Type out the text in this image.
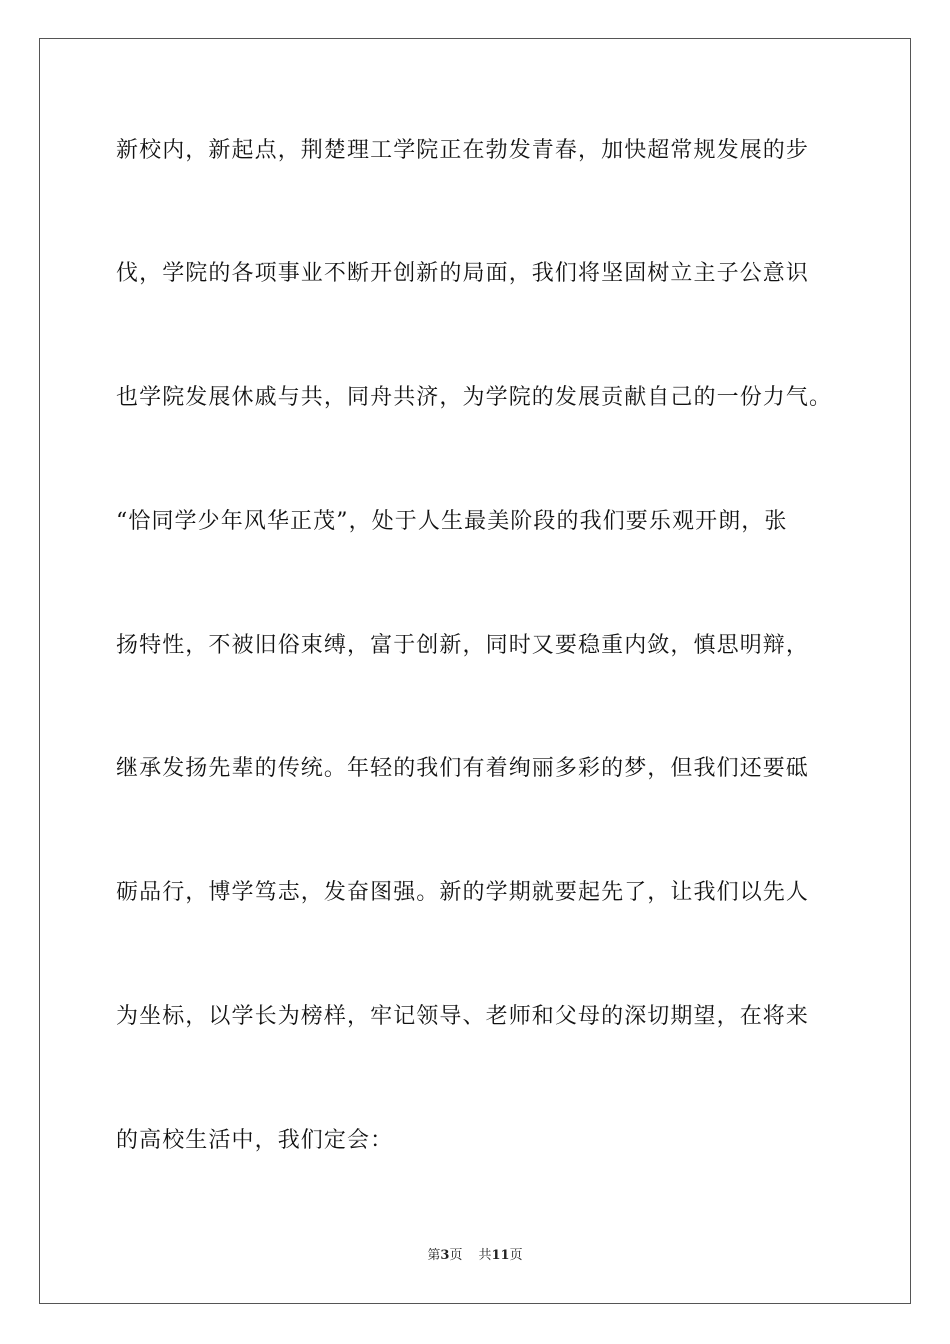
新校内，新起点，荆楚理工学院正在勃发青春，加快超常规发展的步
伐，学院的各项事业不断开创新的局面，我们将坚固树立主子公意识
也学院发展休戚与共，同舟共济，为学院的发展贡献自己的一份力气。
“恰同学少年风华正茂”，处于人生最美阶段的我们要乐观开朗，张
扬特性，不被旧俗束缚，富于创新，同时又要稳重内敛，慎思明辩，
继承发扬先辈的传统。年轻的我们有着绚丽多彩的梦，但我们还要砥
砺品行，博学笃志，发奋图强。新的学期就要起先了，让我们以先人
为坐标，以学长为榜样，牢记领导、老师和父母的深切期望，在将来
的高校生活中，我们定会：
第3页 共11页
